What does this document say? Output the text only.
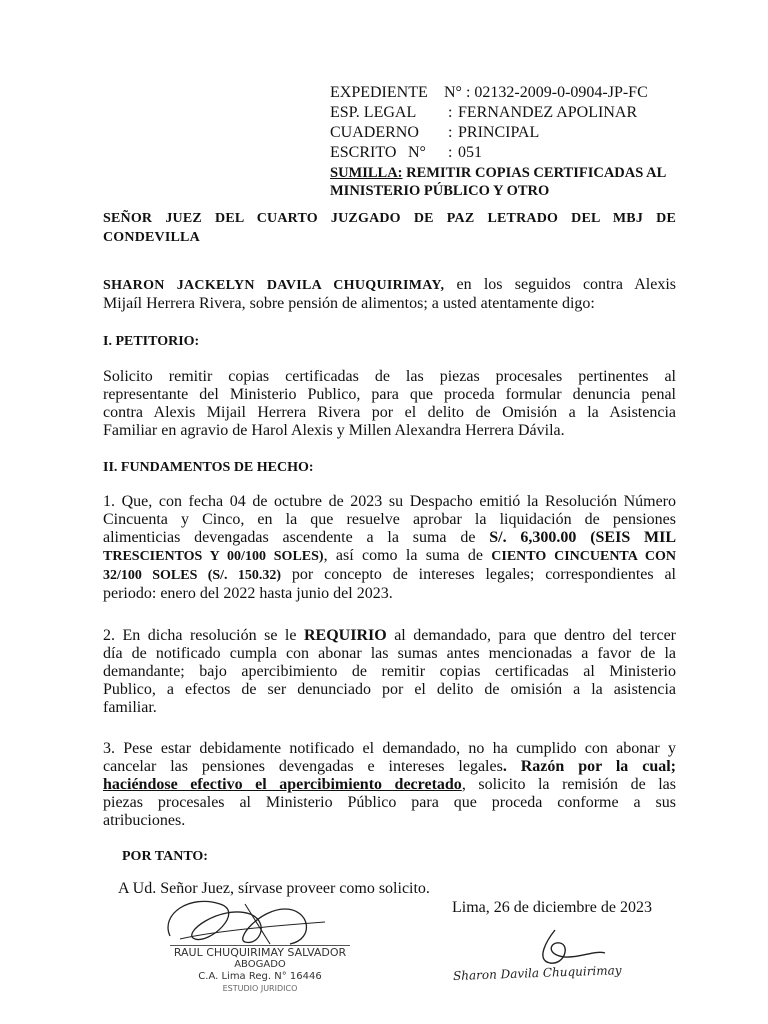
EXPEDIENTE N° : 02132-2009-0-0904-JP-FC
ESP. LEGAL : FERNANDEZ APOLINAR
CUADERNO : PRINCIPAL
ESCRITO N° : 051
SUMILLA: REMITIR COPIAS CERTIFICADAS AL
MINISTERIO PÚBLICO Y OTRO
SEÑOR JUEZ DEL CUARTO JUZGADO DE PAZ LETRADO DEL MBJ DE
CONDEVILLA
SHARON JACKELYN DAVILA CHUQUIRIMAY, en los seguidos contra Alexis
Mijaíl Herrera Rivera, sobre pensión de alimentos; a usted atentamente digo:
I. PETITORIO:
Solicito remitir copias certificadas de las piezas procesales pertinentes al
representante del Ministerio Publico, para que proceda formular denuncia penal
contra Alexis Mijail Herrera Rivera por el delito de Omisión a la Asistencia
Familiar en agravio de Harol Alexis y Millen Alexandra Herrera Dávila.
II. FUNDAMENTOS DE HECHO:
1. Que, con fecha 04 de octubre de 2023 su Despacho emitió la Resolución Número
Cincuenta y Cinco, en la que resuelve aprobar la liquidación de pensiones
alimenticias devengadas ascendente a la suma de S/. 6,300.00 (SEIS MIL
TRESCIENTOS Y 00/100 SOLES), así como la suma de CIENTO CINCUENTA CON
32/100 SOLES (S/. 150.32) por concepto de intereses legales; correspondientes al
periodo: enero del 2022 hasta junio del 2023.
2. En dicha resolución se le REQUIRIO al demandado, para que dentro del tercer
día de notificado cumpla con abonar las sumas antes mencionadas a favor de la
demandante; bajo apercibimiento de remitir copias certificadas al Ministerio
Publico, a efectos de ser denunciado por el delito de omisión a la asistencia
familiar.
3. Pese estar debidamente notificado el demandado, no ha cumplido con abonar y
cancelar las pensiones devengadas e intereses legales. Razón por la cual;
haciéndose efectivo el apercibimiento decretado, solicito la remisión de las
piezas procesales al Ministerio Público para que proceda conforme a sus
atribuciones.
POR TANTO:
A Ud. Señor Juez, sírvase proveer como solicito.
Lima, 26 de diciembre de 2023
RAUL CHUQUIRIMAY SALVADOR
ABOGADO
C.A. Lima Reg. N° 16446
ESTUDIO JURIDICO
Sharon Davila Chuquirimay
